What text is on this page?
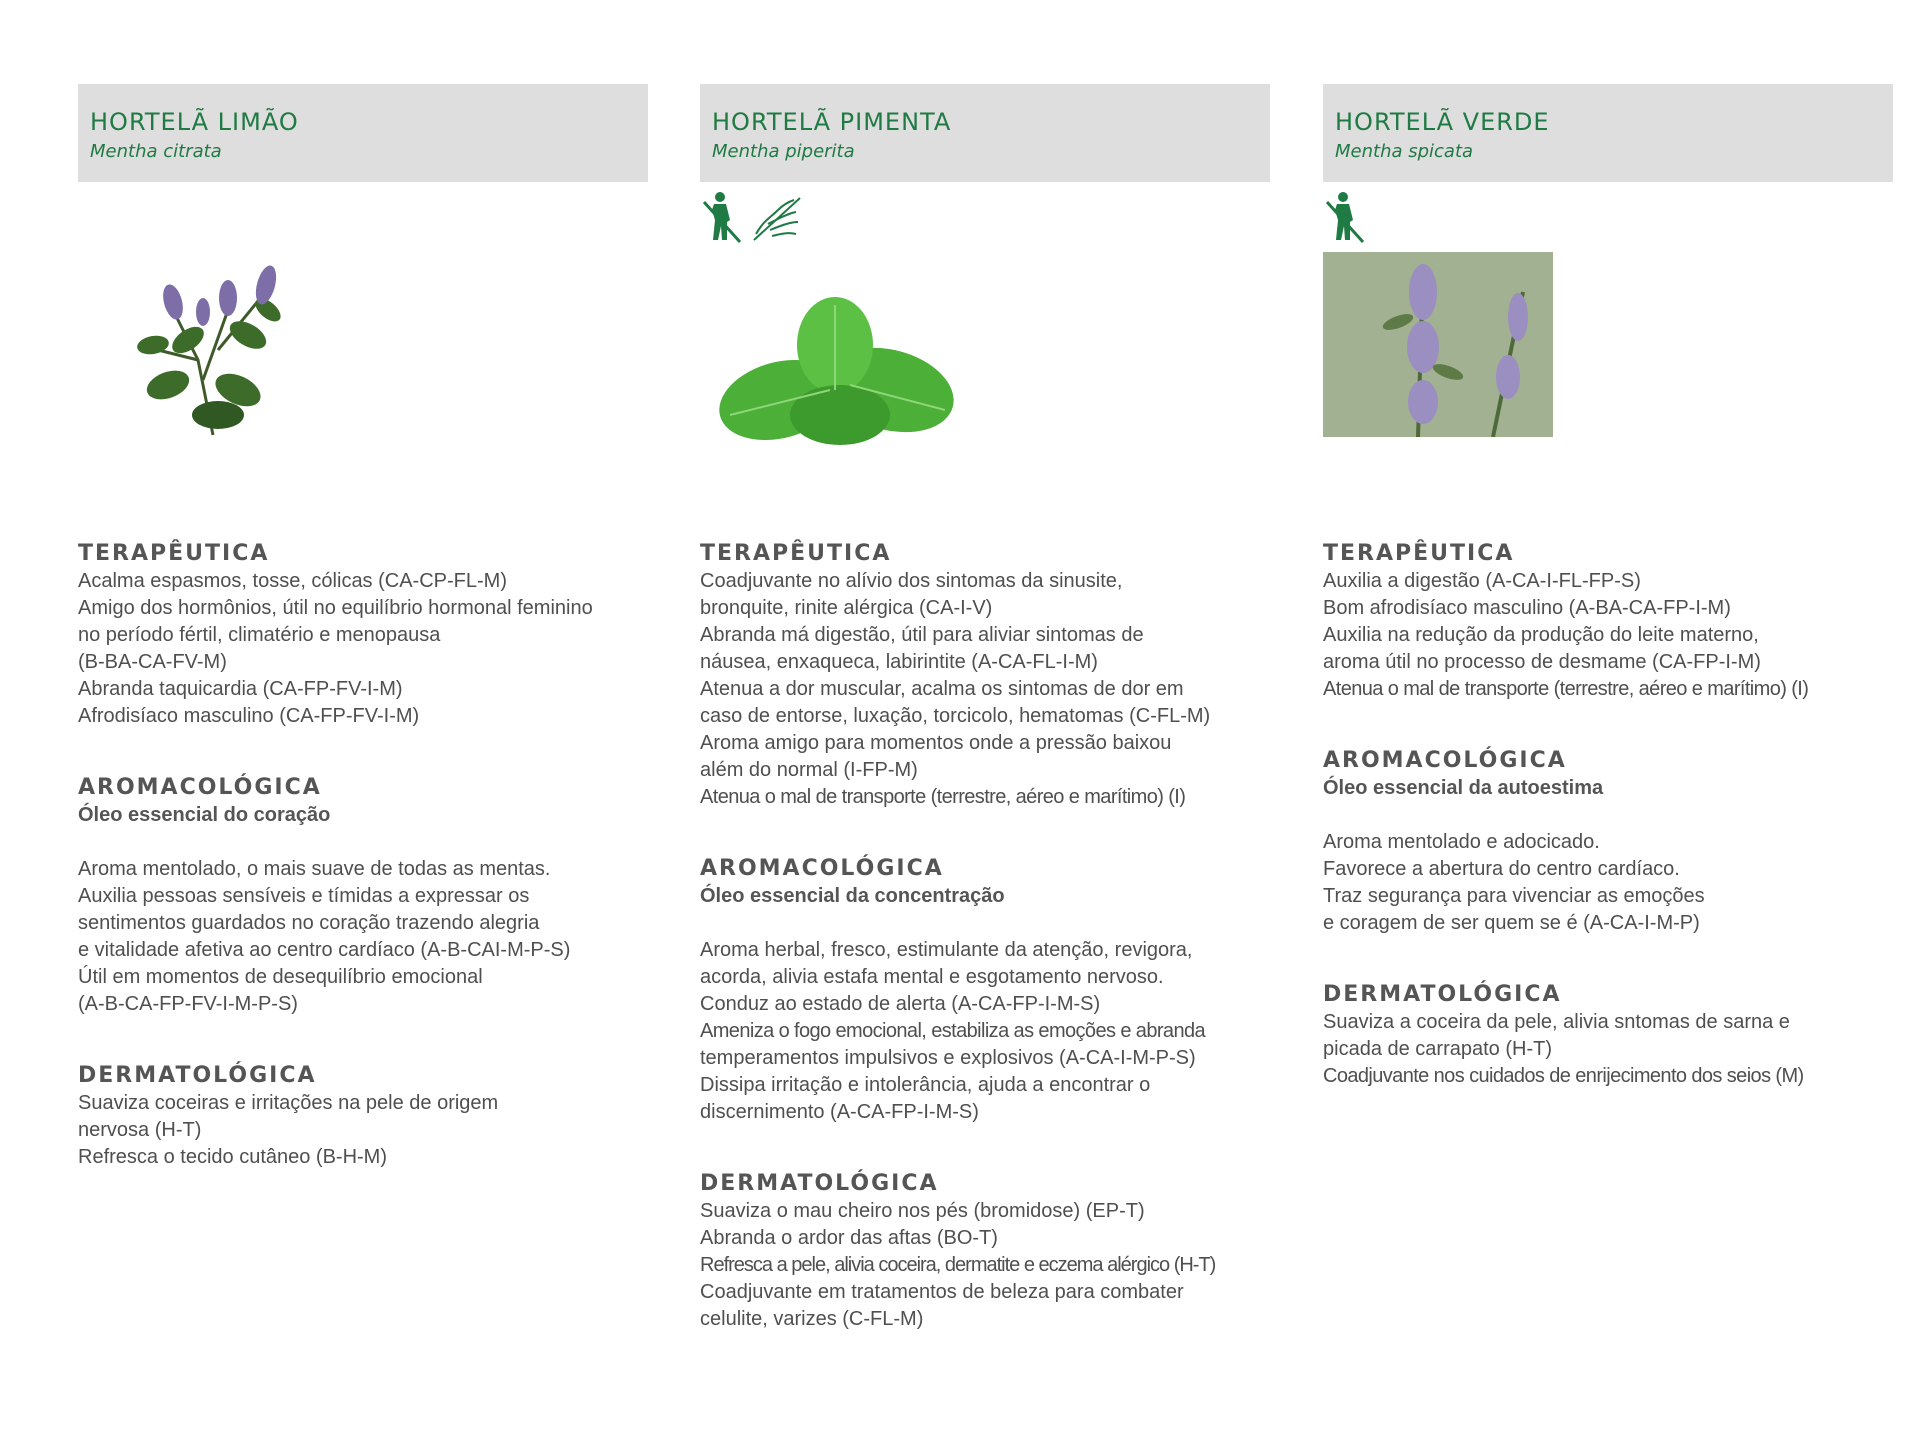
HORTELÃ LIMÃO
Mentha citrata
TERAPÊUTICA
Acalma espasmos, tosse, cólicas (CA-CP-FL-M)
Amigo dos hormônios, útil no equilíbrio hormonal feminino
no período fértil, climatério e menopausa
(B-BA-CA-FV-M)
Abranda taquicardia (CA-FP-FV-I-M)
Afrodisíaco masculino (CA-FP-FV-I-M)
AROMACOLÓGICA
Óleo essencial do coração
Aroma mentolado, o mais suave de todas as mentas.
Auxilia pessoas sensíveis e tímidas a expressar os
sentimentos guardados no coração trazendo alegria
e vitalidade afetiva ao centro cardíaco (A-B-CAI-M-P-S)
Útil em momentos de desequilíbrio emocional
(A-B-CA-FP-FV-I-M-P-S)
DERMATOLÓGICA
Suaviza coceiras e irritações na pele de origem
nervosa (H-T)
Refresca o tecido cutâneo (B-H-M)
HORTELÃ PIMENTA
Mentha piperita
TERAPÊUTICA
Coadjuvante no alívio dos sintomas da sinusite,
bronquite, rinite alérgica (CA-I-V)
Abranda má digestão, útil para aliviar sintomas de
náusea, enxaqueca, labirintite (A-CA-FL-I-M)
Atenua a dor muscular, acalma os sintomas de dor em
caso de entorse, luxação, torcicolo, hematomas (C-FL-M)
Aroma amigo para momentos onde a pressão baixou
além do normal (I-FP-M)
Atenua o mal de transporte (terrestre, aéreo e marítimo) (I)
AROMACOLÓGICA
Óleo essencial da concentração
Aroma herbal, fresco, estimulante da atenção, revigora,
acorda, alivia estafa mental e esgotamento nervoso.
Conduz ao estado de alerta (A-CA-FP-I-M-S)
Ameniza o fogo emocional, estabiliza as emoções e abranda
temperamentos impulsivos e explosivos (A-CA-I-M-P-S)
Dissipa irritação e intolerância, ajuda a encontrar o
discernimento (A-CA-FP-I-M-S)
DERMATOLÓGICA
Suaviza o mau cheiro nos pés (bromidose) (EP-T)
Abranda o ardor das aftas (BO-T)
Refresca a pele, alivia coceira, dermatite e eczema alérgico (H-T)
Coadjuvante em tratamentos de beleza para combater
celulite, varizes (C-FL-M)
HORTELÃ VERDE
Mentha spicata
TERAPÊUTICA
Auxilia a digestão (A-CA-I-FL-FP-S)
Bom afrodisíaco masculino (A-BA-CA-FP-I-M)
Auxilia na redução da produção do leite materno,
aroma útil no processo de desmame (CA-FP-I-M)
Atenua o mal de transporte (terrestre, aéreo e marítimo) (I)
AROMACOLÓGICA
Óleo essencial da autoestima
Aroma mentolado e adocicado.
Favorece a abertura do centro cardíaco.
Traz segurança para vivenciar as emoções
e coragem de ser quem se é (A-CA-I-M-P)
DERMATOLÓGICA
Suaviza a coceira da pele, alivia sntomas de sarna e
picada de carrapato (H-T)
Coadjuvante nos cuidados de enrijecimento dos seios (M)
